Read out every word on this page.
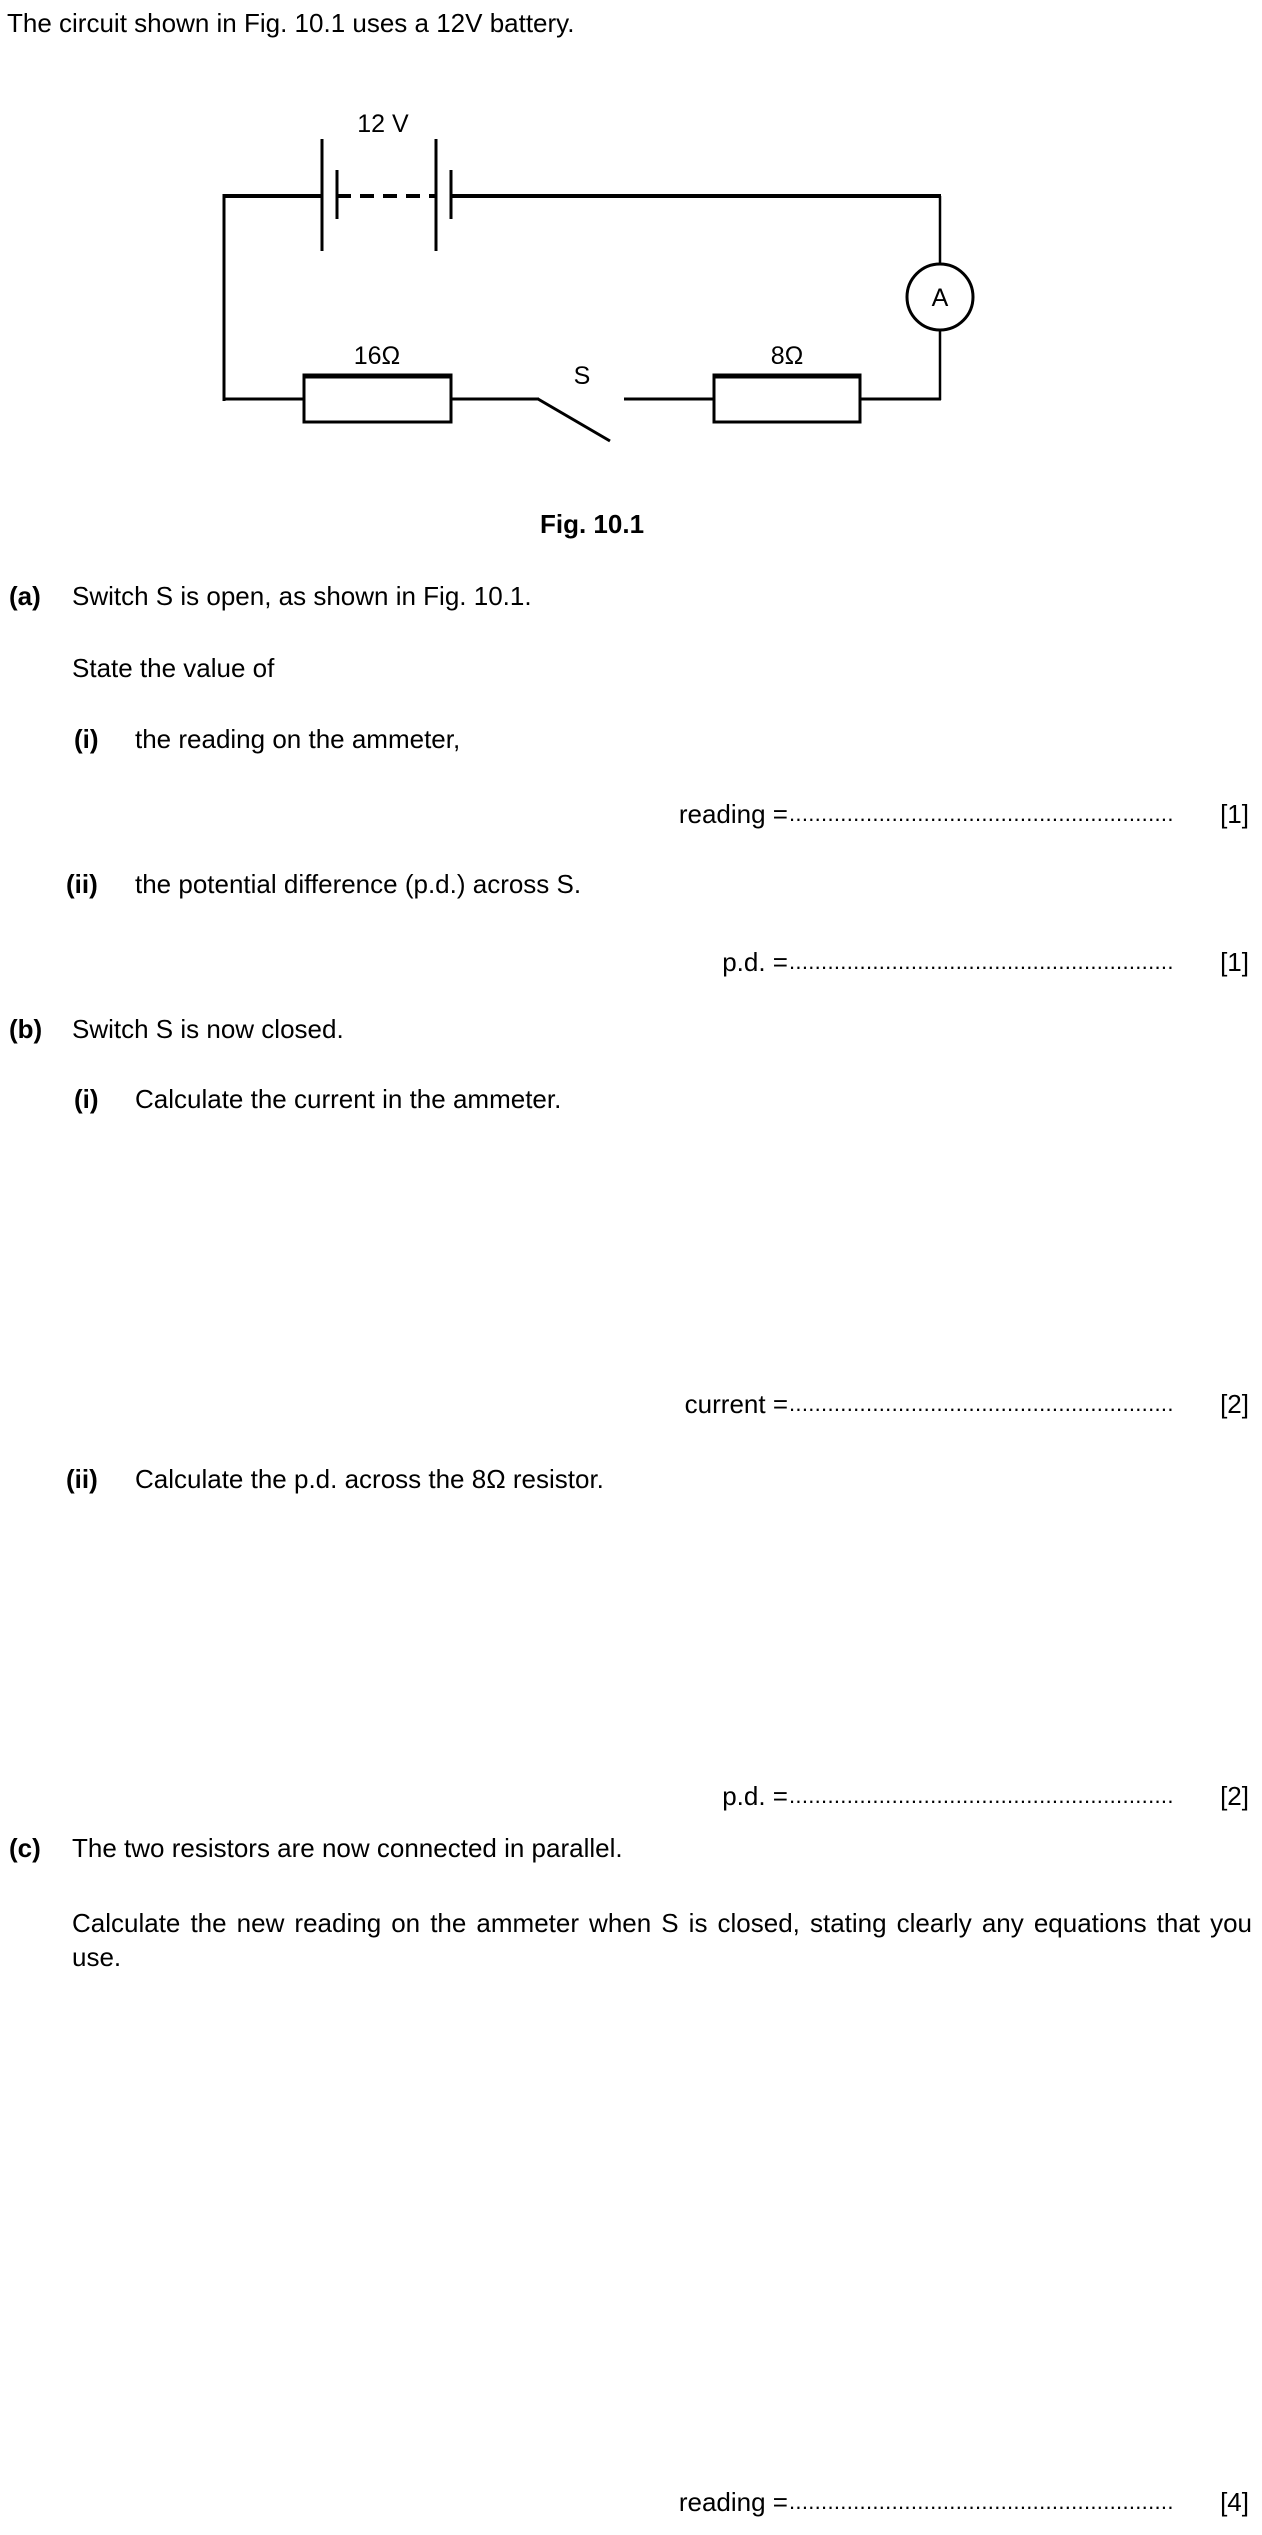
The circuit shown in Fig. 10.1 uses a 12V battery.
12 V
16Ω
S
8Ω
A
Fig. 10.1
(a) Switch S is open, as shown in Fig. 10.1.
State the value of
(i) the reading on the ammeter,
reading = ............................................................	[1]
(ii) the potential difference (p.d.) across S.
p.d. = ............................................................	[1]
(b) Switch S is now closed.
(i) Calculate the current in the ammeter.
current = ............................................................	[2]
(ii) Calculate the p.d. across the 8Ω resistor.
p.d. = ............................................................	[2]
(c) The two resistors are now connected in parallel.
Calculate the new reading on the ammeter when S is closed, stating clearly any equations that you use.
reading = ............................................................	[4]
